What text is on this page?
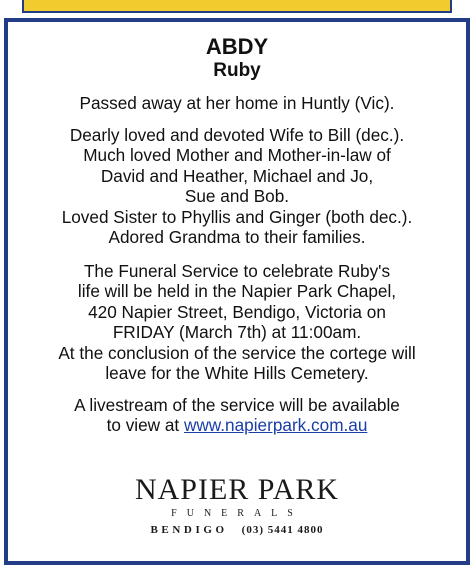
ABDY

Ruby

Passed away at her home in Huntly (Vic).

Dearly loved and devoted Wife to Bill (dec.).
Much loved Mother and Mother-in-law of
David and Heather, Michael and Jo,
Sue and Bob.
Loved Sister to Phyllis and Ginger (both dec.).
Adored Grandma to their families.

The Funeral Service to celebrate Ruby's
life will be held in the Napier Park Chapel,
420 Napier Street, Bendigo, Victoria on
FRIDAY (March 7th) at 11:00am.
At the conclusion of the service the cortege will
leave for the White Hills Cemetery.

A livestream of the service will be available
to view at www.napierpark.com.au

NAPIER PARK

FUNERALS

BENDIGO (03) 5441 4800
